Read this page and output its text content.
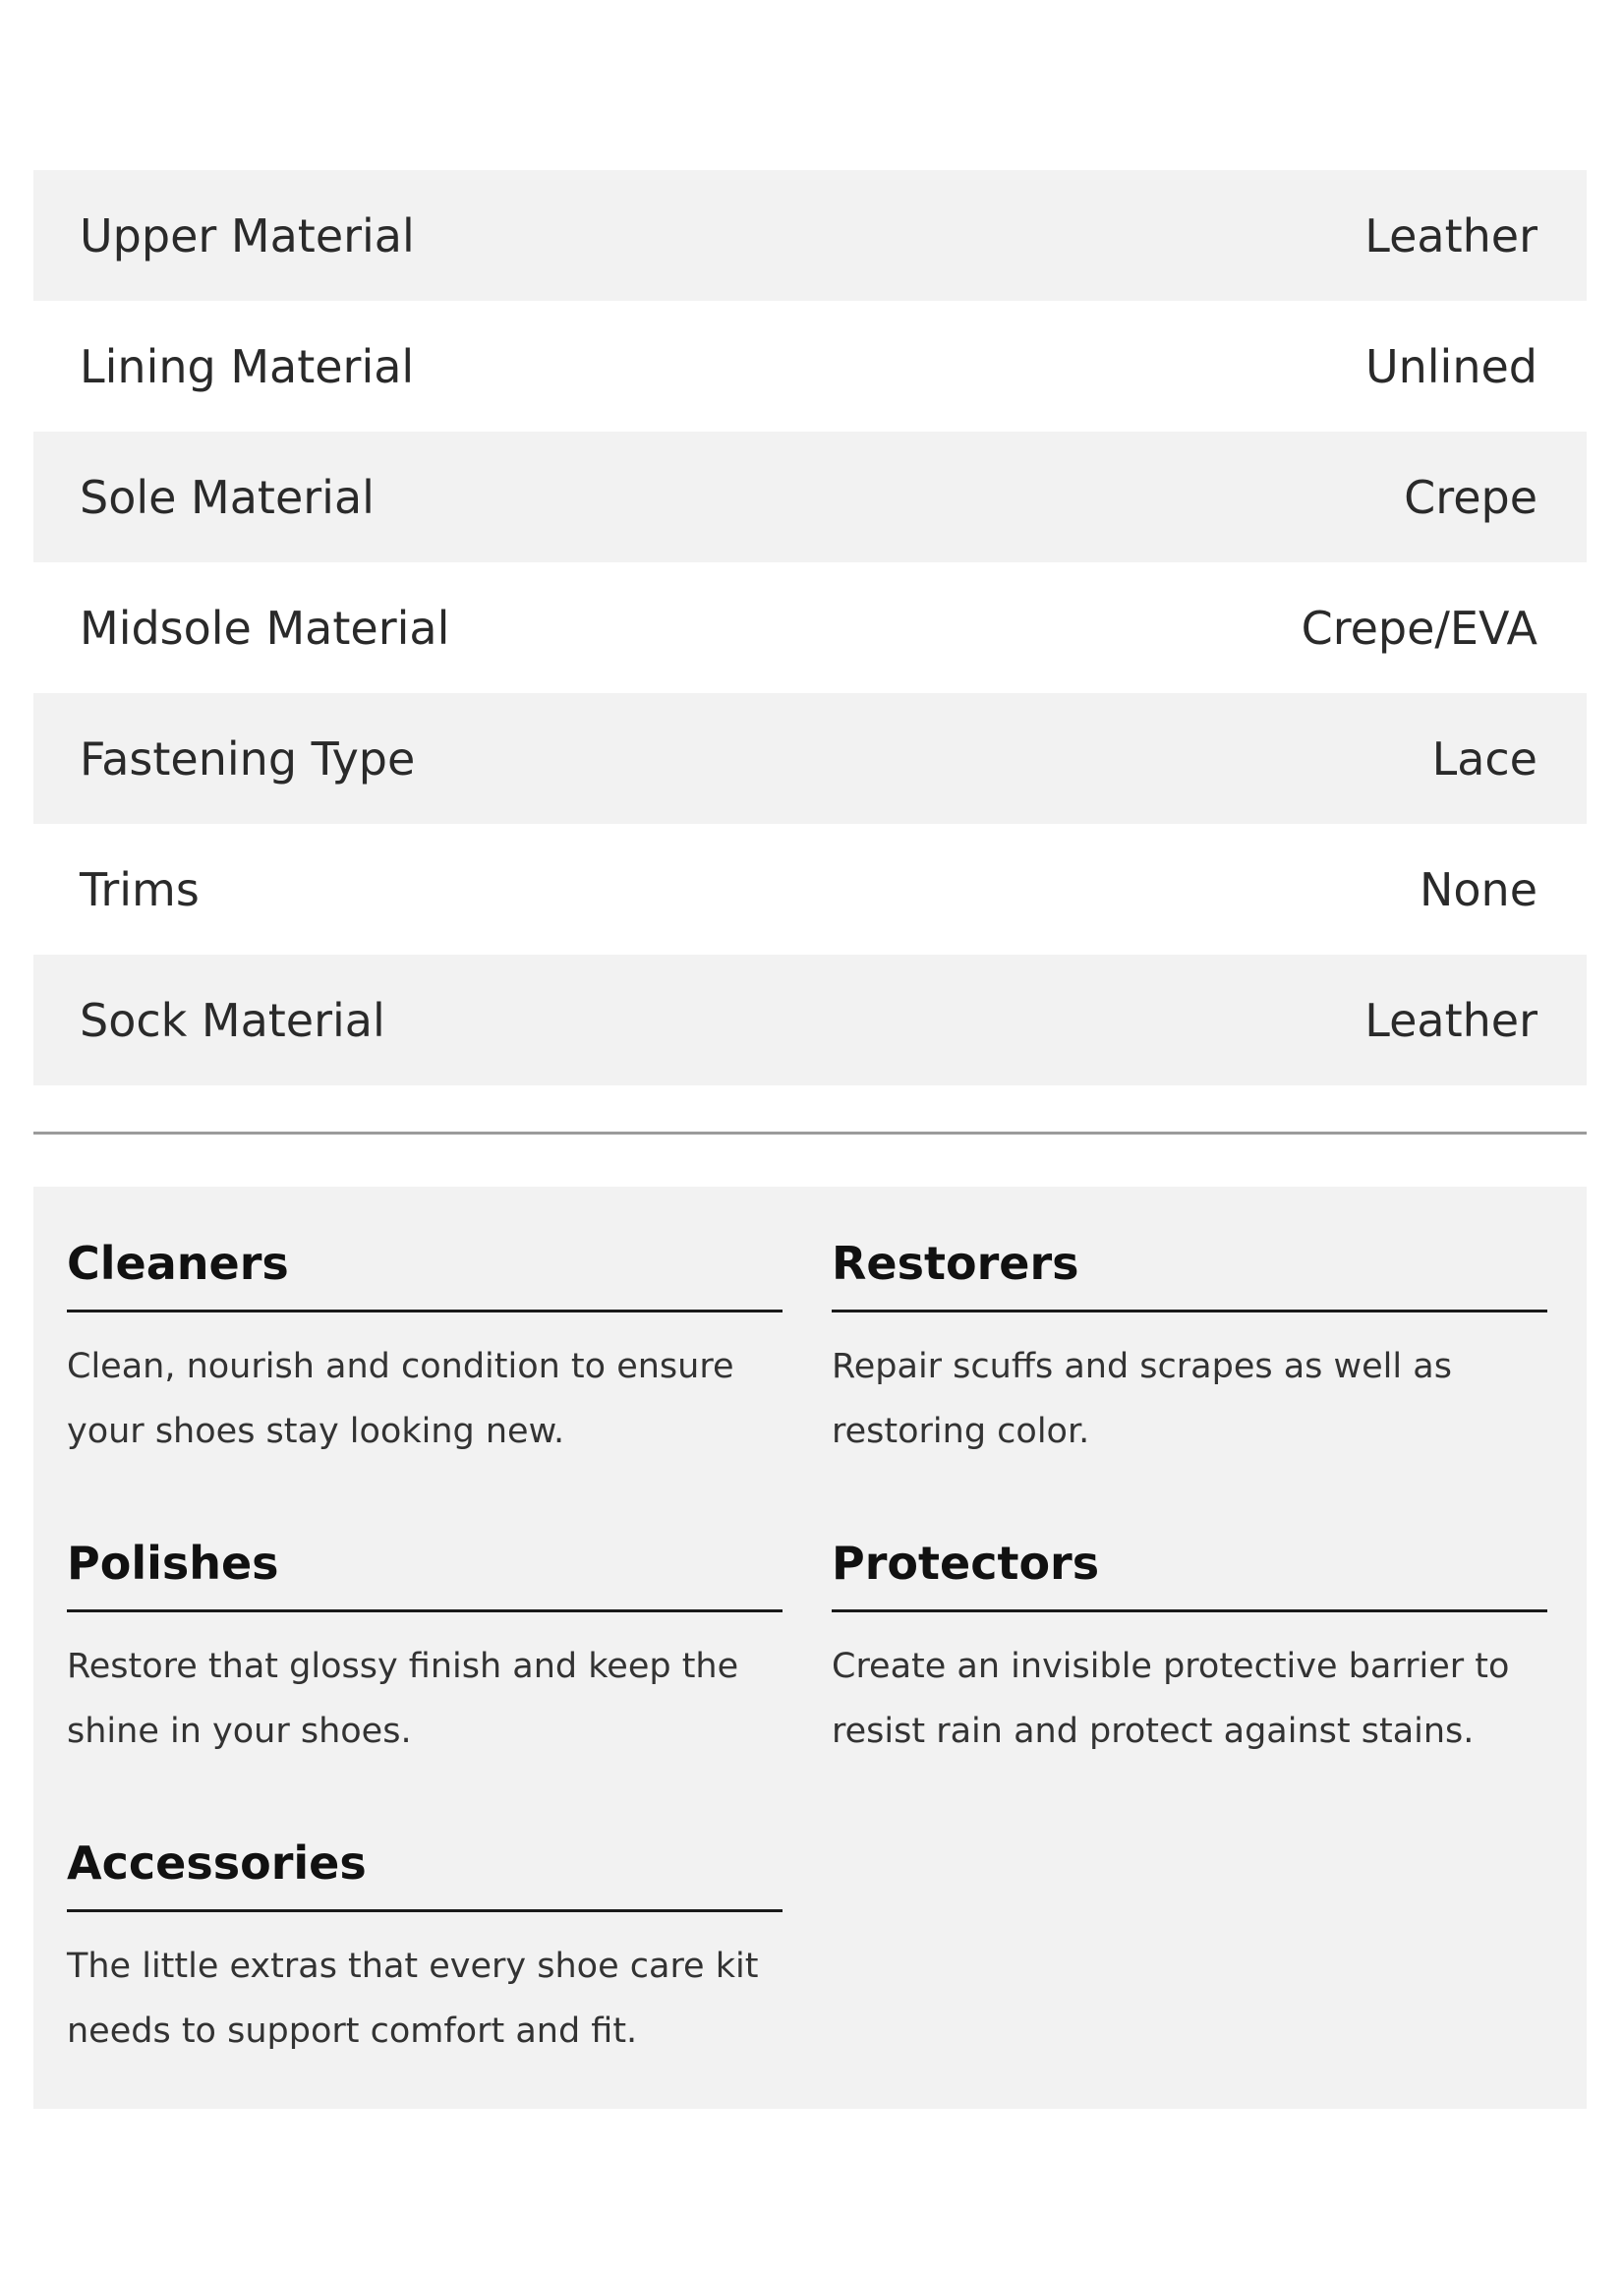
Upper Material	Leather
Lining Material	Unlined
Sole Material	Crepe
Midsole Material	Crepe/EVA
Fastening Type	Lace
Trims	None
Sock Material	Leather
Cleaners

Clean, nourish and condition to ensure your shoes stay looking new.

Restorers

Repair scuffs and scrapes as well as restoring color.

Polishes

Restore that glossy finish and keep the shine in your shoes.

Protectors

Create an invisible protective barrier to resist rain and protect against stains.

Accessories

The little extras that every shoe care kit needs to support comfort and fit.
